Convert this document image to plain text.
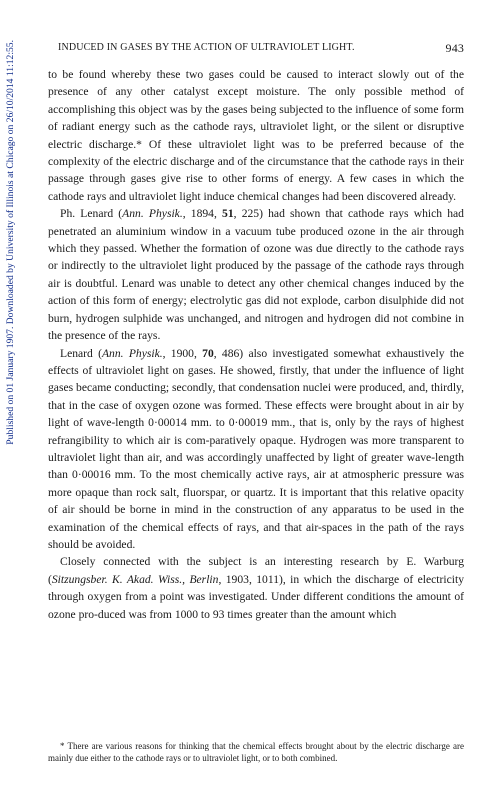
Published on 01 January 1907. Downloaded by University of Illinois at Chicago on 26/10/2014 11:12:55.	INDUCED IN GASES BY THE ACTION OF ULTRAVIOLET LIGHT.	943

to be found whereby these two gases could be caused to interact slowly out of the presence of any other catalyst except moisture. The only possible method of accomplishing this object was by the gases being subjected to the influence of some form of radiant energy such as the cathode rays, ultraviolet light, or the silent or disruptive electric discharge.* Of these ultraviolet light was to be preferred because of the complexity of the electric discharge and of the circumstance that the cathode rays in their passage through gases give rise to other forms of energy. A few cases in which the cathode rays and ultraviolet light induce chemical changes had been discovered already.

Ph. Lenard (Ann. Physik., 1894, 51, 225) had shown that cathode rays which had penetrated an aluminium window in a vacuum tube produced ozone in the air through which they passed. Whether the formation of ozone was due directly to the cathode rays or indirectly to the ultraviolet light produced by the passage of the cathode rays through air is doubtful. Lenard was unable to detect any other chemical changes induced by the action of this form of energy; electrolytic gas did not explode, carbon disulphide did not burn, hydrogen sulphide was unchanged, and nitrogen and hydrogen did not combine in the presence of the rays.

Lenard (Ann. Physik., 1900, 70, 486) also investigated somewhat exhaustively the effects of ultraviolet light on gases. He showed, firstly, that under the influence of light gases became conducting; secondly, that condensation nuclei were produced, and, thirdly, that in the case of oxygen ozone was formed. These effects were brought about in air by light of wave-length 0·00014 mm. to 0·00019 mm., that is, only by the rays of highest refrangibility to which air is com-paratively opaque. Hydrogen was more transparent to ultraviolet light than air, and was accordingly unaffected by light of greater wave-length than 0·00016 mm. To the most chemically active rays, air at atmospheric pressure was more opaque than rock salt, fluorspar, or quartz. It is important that this relative opacity of air should be borne in mind in the construction of any apparatus to be used in the examination of the chemical effects of rays, and that air-spaces in the path of the rays should be avoided.

Closely connected with the subject is an interesting research by E. Warburg (Sitzungsber. K. Akad. Wiss., Berlin, 1903, 1011), in which the discharge of electricity through oxygen from a point was investigated. Under different conditions the amount of ozone pro-duced was from 1000 to 93 times greater than the amount which

* There are various reasons for thinking that the chemical effects brought about by the electric discharge are mainly due either to the cathode rays or to ultraviolet light, or to both combined.
